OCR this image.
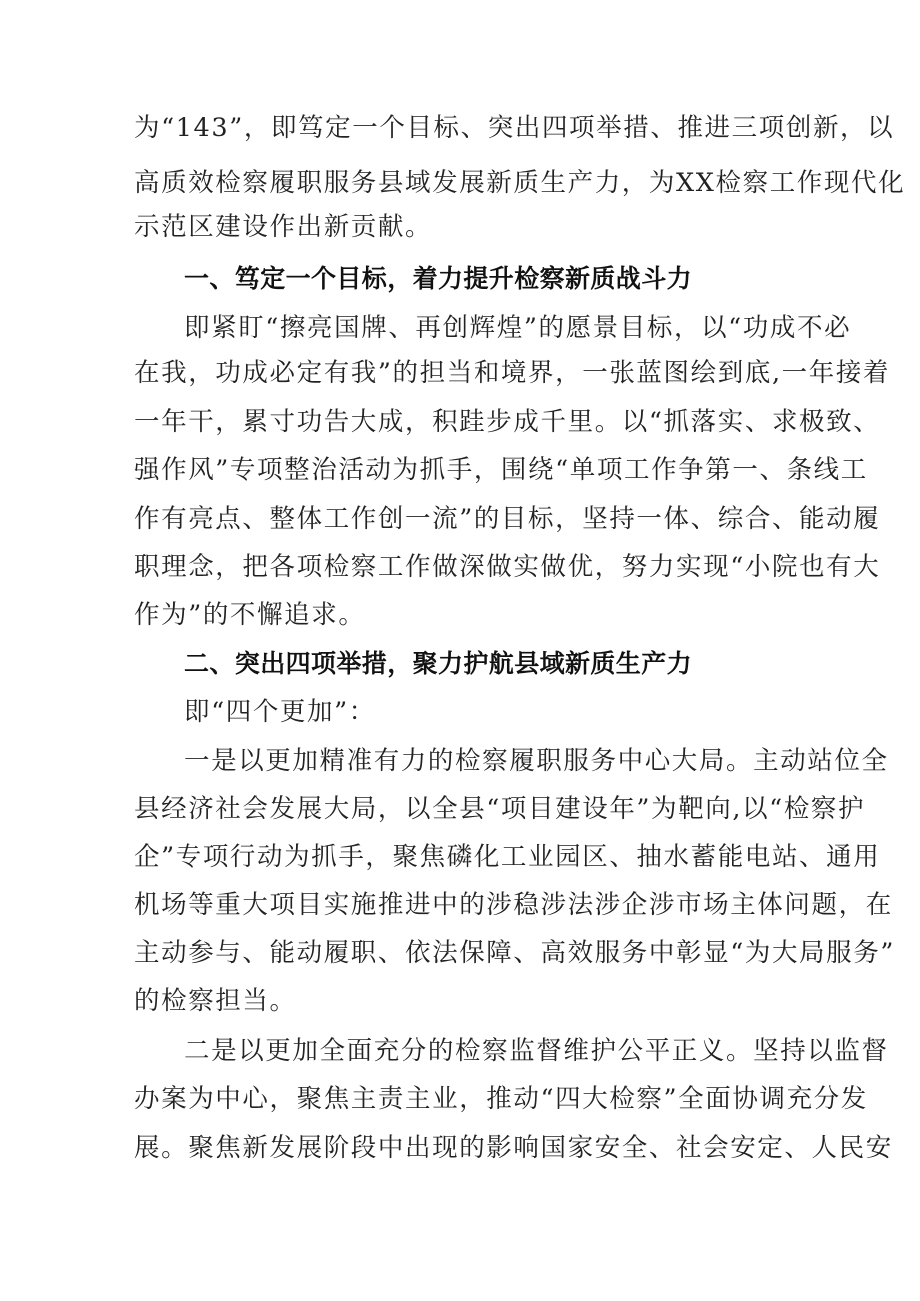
为“143”，即笃定一个目标、突出四项举措、推进三项创新，以
高质效检察履职服务县域发展新质生产力，为XX检察工作现代化
示范区建设作出新贡献。
一、笃定一个目标，着力提升检察新质战斗力
即紧盯“擦亮国牌、再创辉煌”的愿景目标，以“功成不必
在我，功成必定有我”的担当和境界，一张蓝图绘到底,一年接着
一年干，累寸功告大成，积跬步成千里。以“抓落实、求极致、
强作风”专项整治活动为抓手，围绕“单项工作争第一、条线工
作有亮点、整体工作创一流”的目标，坚持一体、综合、能动履
职理念，把各项检察工作做深做实做优，努力实现“小院也有大
作为”的不懈追求。
二、突出四项举措，聚力护航县域新质生产力
即“四个更加”：
一是以更加精准有力的检察履职服务中心大局。主动站位全
县经济社会发展大局，以全县“项目建设年”为靶向,以“检察护
企”专项行动为抓手，聚焦磷化工业园区、抽水蓄能电站、通用
机场等重大项目实施推进中的涉稳涉法涉企涉市场主体问题，在
主动参与、能动履职、依法保障、高效服务中彰显“为大局服务”
的检察担当。
二是以更加全面充分的检察监督维护公平正义。坚持以监督
办案为中心，聚焦主责主业，推动“四大检察”全面协调充分发
展。聚焦新发展阶段中出现的影响国家安全、社会安定、人民安
